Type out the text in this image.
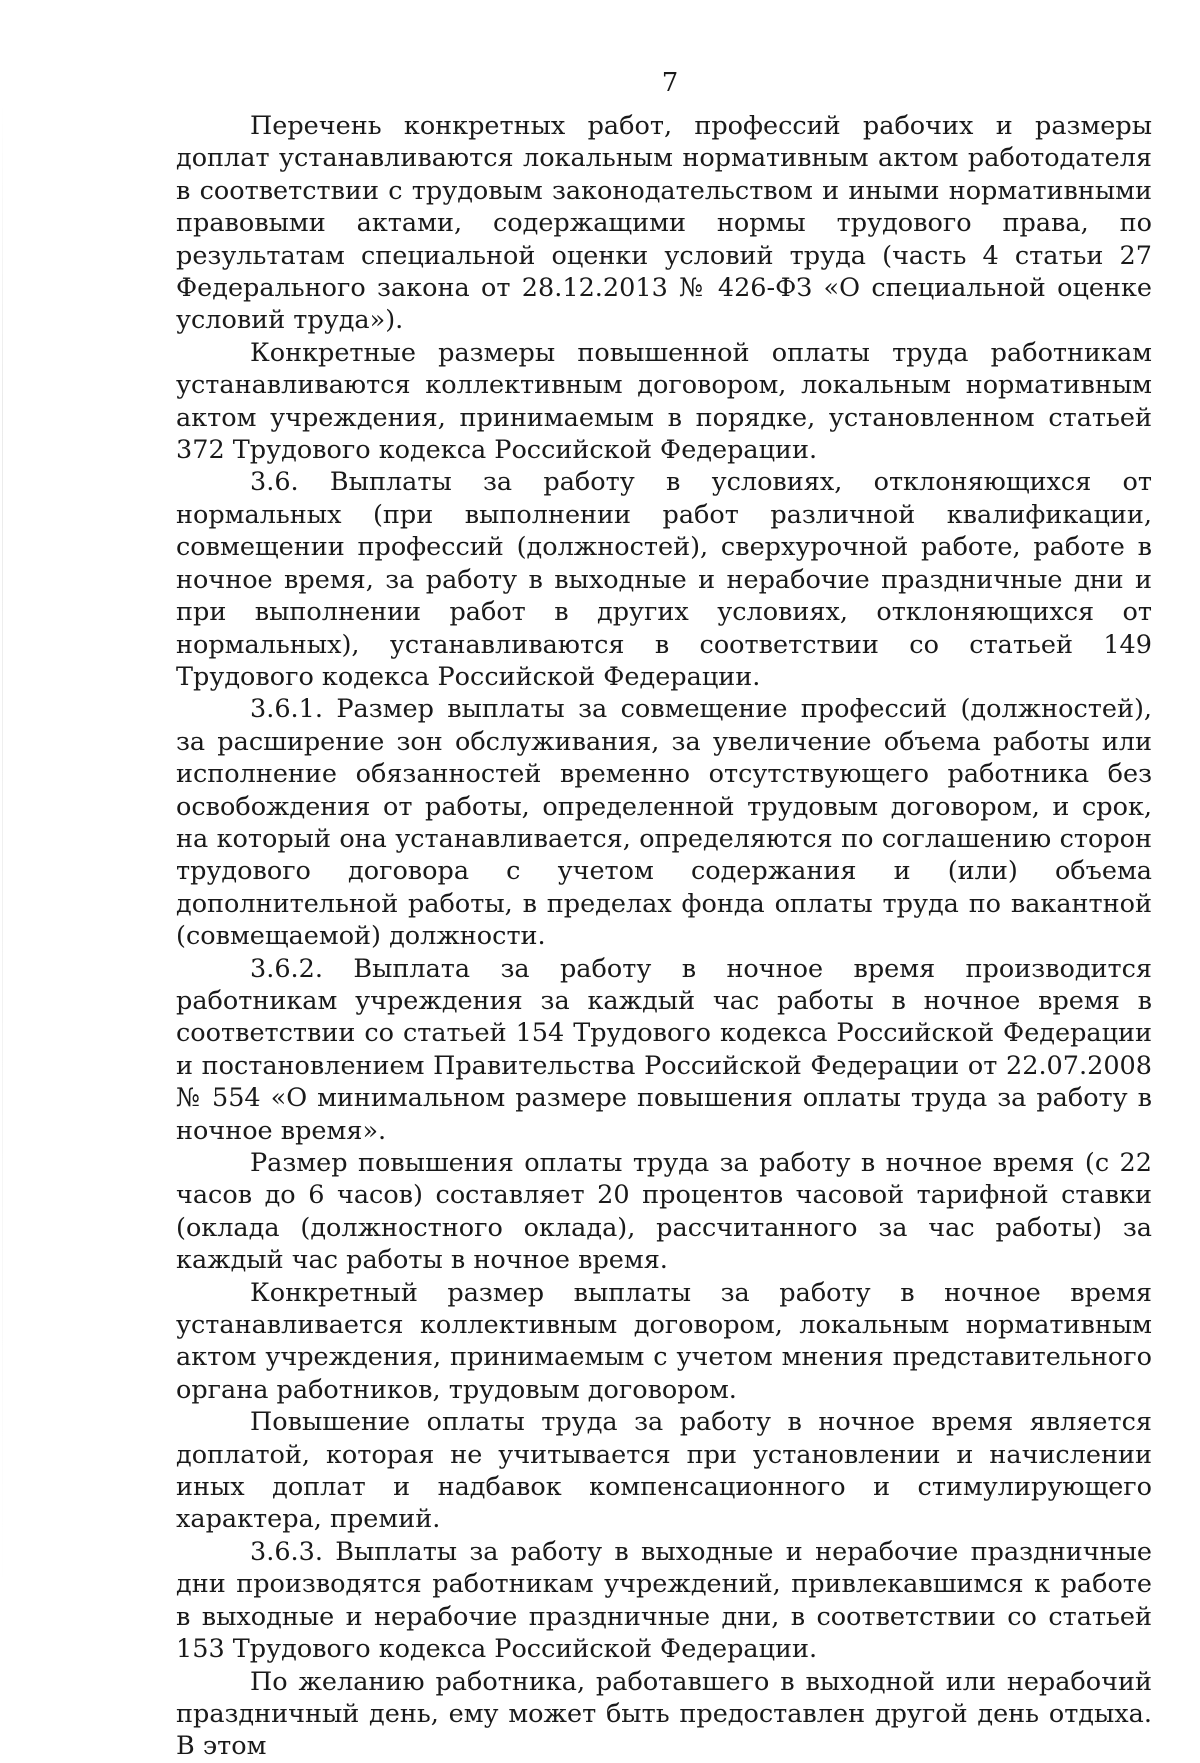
7

Перечень конкретных работ, профессий рабочих и размеры доплат устанавливаются локальным нормативным актом работодателя в соответствии с трудовым законодательством и иными нормативными правовыми актами, содержащими нормы трудового права, по результатам специальной оценки условий труда (часть 4 статьи 27 Федерального закона от 28.12.2013 № 426-ФЗ «О специальной оценке условий труда»).

Конкретные размеры повышенной оплаты труда работникам устанавливаются коллективным договором, локальным нормативным актом учреждения, принимаемым в порядке, установленном статьей 372 Трудового кодекса Российской Федерации.

3.6. Выплаты за работу в условиях, отклоняющихся от нормальных (при выполнении работ различной квалификации, совмещении профессий (должностей), сверхурочной работе, работе в ночное время, за работу в выходные и нерабочие праздничные дни и при выполнении работ в других условиях, отклоняющихся от нормальных), устанавливаются в соответствии со статьей 149 Трудового кодекса Российской Федерации.

3.6.1. Размер выплаты за совмещение профессий (должностей), за расширение зон обслуживания, за увеличение объема работы или исполнение обязанностей временно отсутствующего работника без освобождения от работы, определенной трудовым договором, и срок, на который она устанавливается, определяются по соглашению сторон трудового договора с учетом содержания и (или) объема дополнительной работы, в пределах фонда оплаты труда по вакантной (совмещаемой) должности.

3.6.2. Выплата за работу в ночное время производится работникам учреждения за каждый час работы в ночное время в соответствии со статьей 154 Трудового кодекса Российской Федерации и постановлением Правительства Российской Федерации от 22.07.2008 № 554 «О минимальном размере повышения оплаты труда за работу в ночное время».

Размер повышения оплаты труда за работу в ночное время (с 22 часов до 6 часов) составляет 20 процентов часовой тарифной ставки (оклада (должностного оклада), рассчитанного за час работы) за каждый час работы в ночное время.

Конкретный размер выплаты за работу в ночное время устанавливается коллективным договором, локальным нормативным актом учреждения, принимаемым с учетом мнения представительного органа работников, трудовым договором.

Повышение оплаты труда за работу в ночное время является доплатой, которая не учитывается при установлении и начислении иных доплат и надбавок компенсационного и стимулирующего характера, премий.

3.6.3. Выплаты за работу в выходные и нерабочие праздничные дни производятся работникам учреждений, привлекавшимся к работе в выходные и нерабочие праздничные дни, в соответствии со статьей 153 Трудового кодекса Российской Федерации.

По желанию работника, работавшего в выходной или нерабочий праздничный день, ему может быть предоставлен другой день отдыха. В этом
